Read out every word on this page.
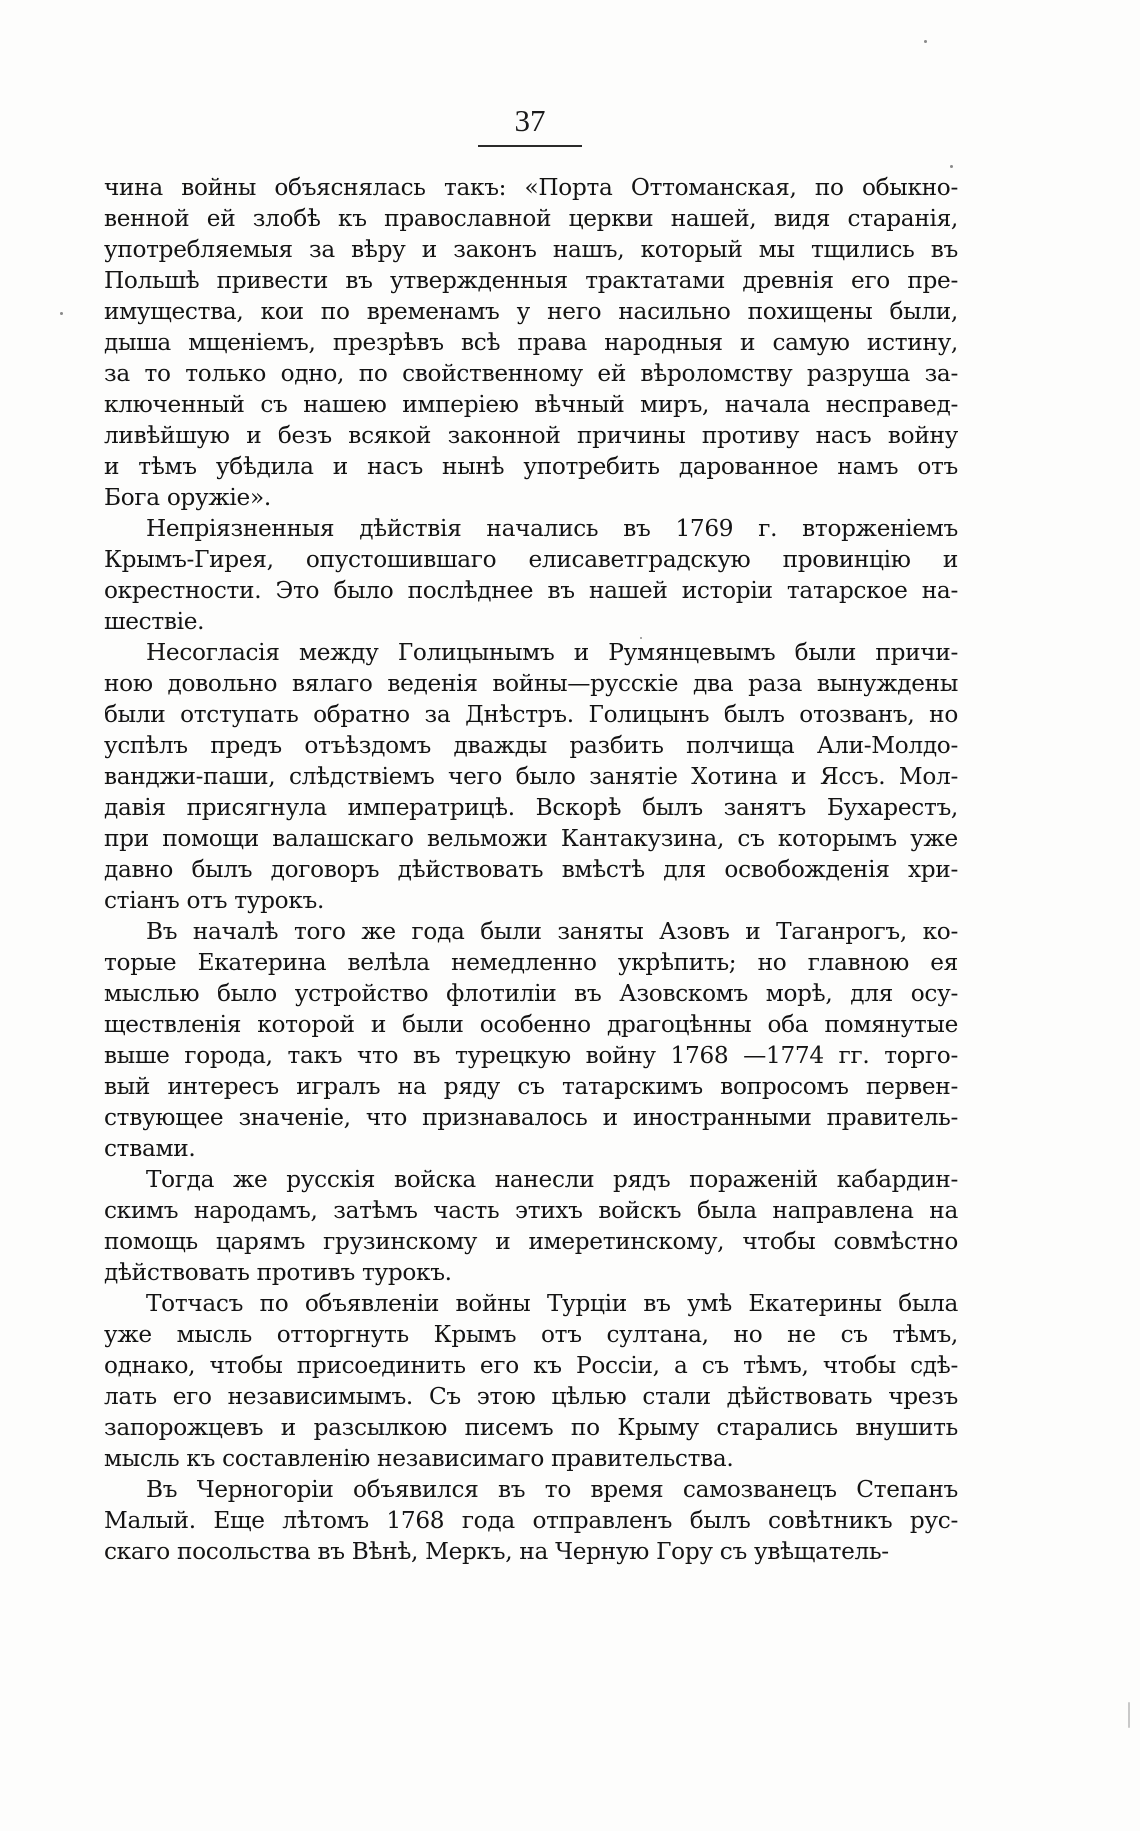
37

чина войны объяснялась такъ: «Порта Оттоманская, по обыкно-
венной ей злобѣ къ православной церкви нашей, видя старанія,
употребляемыя за вѣру и законъ нашъ, который мы тщились въ
Польшѣ привести въ утвержденныя трактатами древнія его пре-
имущества, кои по временамъ у него насильно похищены были,
дыша мщеніемъ, презрѣвъ всѣ права народныя и самую истину,
за то только одно, по свойственному ей вѣроломству разруша за-
ключенный съ нашею имперіею вѣчный миръ, начала несправед-
ливѣйшую и безъ всякой законной причины противу насъ войну
и тѣмъ убѣдила и насъ нынѣ употребить дарованное намъ отъ
Бога оружіе».

Непріязненныя дѣйствія начались въ 1769 г. вторженіемъ
Крымъ-Гирея, опустошившаго елисаветградскую провинцію и
окрестности. Это было послѣднее въ нашей исторіи татарское на-
шествіе.

Несогласія между Голицынымъ и Румянцевымъ были причи-
ною довольно вялаго веденія войны—русскіе два раза вынуждены
были отступать обратно за Днѣстръ. Голицынъ былъ отозванъ, но
успѣлъ предъ отъѣздомъ дважды разбить полчища Али-Молдо-
ванджи-паши, слѣдствіемъ чего было занятіе Хотина и Яссъ. Мол-
давія присягнула императрицѣ. Вскорѣ былъ занятъ Бухарестъ,
при помощи валашскаго вельможи Кантакузина, съ которымъ уже
давно былъ договоръ дѣйствовать вмѣстѣ для освобожденія хри-
стіанъ отъ турокъ.

Въ началѣ того же года были заняты Азовъ и Таганрогъ, ко-
торые Екатерина велѣла немедленно укрѣпить; но главною ея
мыслью было устройство флотиліи въ Азовскомъ морѣ, для осу-
ществленія которой и были особенно драгоцѣнны оба помянутые
выше города, такъ что въ турецкую войну 1768 —1774 гг. торго-
вый интересъ игралъ на ряду съ татарскимъ вопросомъ первен-
ствующее значеніе, что признавалось и иностранными правитель-
ствами.

Тогда же русскія войска нанесли рядъ пораженій кабардин-
скимъ народамъ, затѣмъ часть этихъ войскъ была направлена на
помощь царямъ грузинскому и имеретинскому, чтобы совмѣстно
дѣйствовать противъ турокъ.

Тотчасъ по объявленіи войны Турціи въ умѣ Екатерины была
уже мысль отторгнуть Крымъ отъ султана, но не съ тѣмъ,
однако, чтобы присоединить его къ Россіи, а съ тѣмъ, чтобы сдѣ-
лать его независимымъ. Съ этою цѣлью стали дѣйствовать чрезъ
запорожцевъ и разсылкою писемъ по Крыму старались внушить
мысль къ составленію независимаго правительства.

Въ Черногоріи объявился въ то время самозванецъ Степанъ
Малый. Еще лѣтомъ 1768 года отправленъ былъ совѣтникъ рус-
скаго посольства въ Вѣнѣ, Меркъ, на Черную Гору съ увѣщатель-
